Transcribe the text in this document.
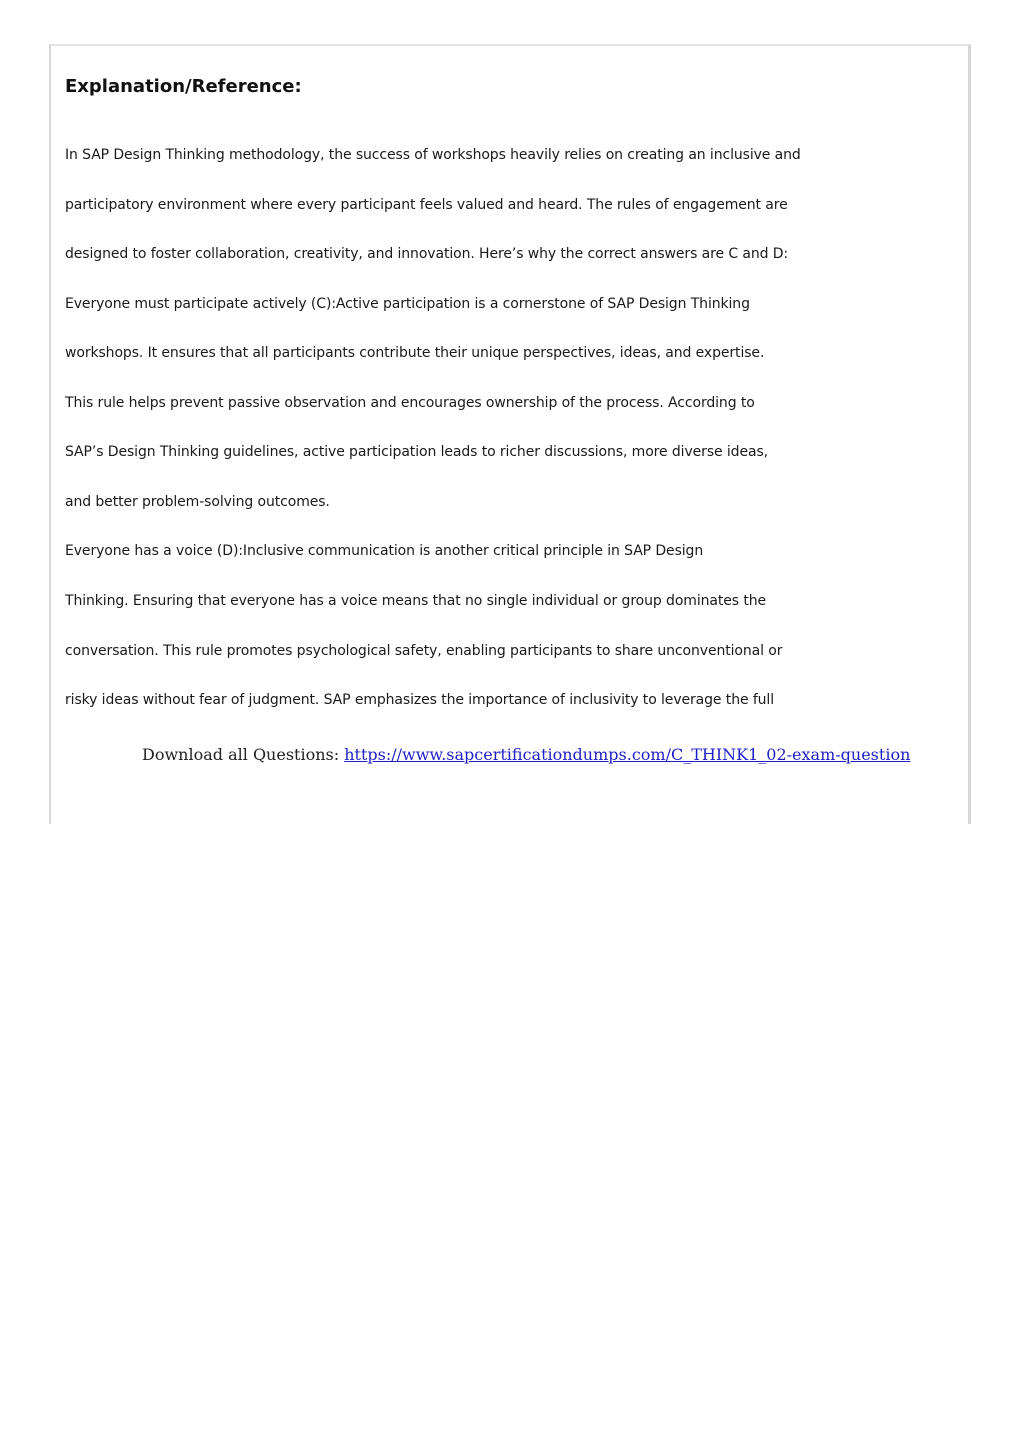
Explanation/Reference:
In SAP Design Thinking methodology, the success of workshops heavily relies on creating an inclusive and
participatory environment where every participant feels valued and heard. The rules of engagement are
designed to foster collaboration, creativity, and innovation. Here’s why the correct answers are C and D:
Everyone must participate actively (C):Active participation is a cornerstone of SAP Design Thinking
workshops. It ensures that all participants contribute their unique perspectives, ideas, and expertise.
This rule helps prevent passive observation and encourages ownership of the process. According to
SAP’s Design Thinking guidelines, active participation leads to richer discussions, more diverse ideas,
and better problem-solving outcomes.
Everyone has a voice (D):Inclusive communication is another critical principle in SAP Design
Thinking. Ensuring that everyone has a voice means that no single individual or group dominates the
conversation. This rule promotes psychological safety, enabling participants to share unconventional or
risky ideas without fear of judgment. SAP emphasizes the importance of inclusivity to leverage the full
Download all Questions: https://www.sapcertificationdumps.com/C_THINK1_02-exam-question
